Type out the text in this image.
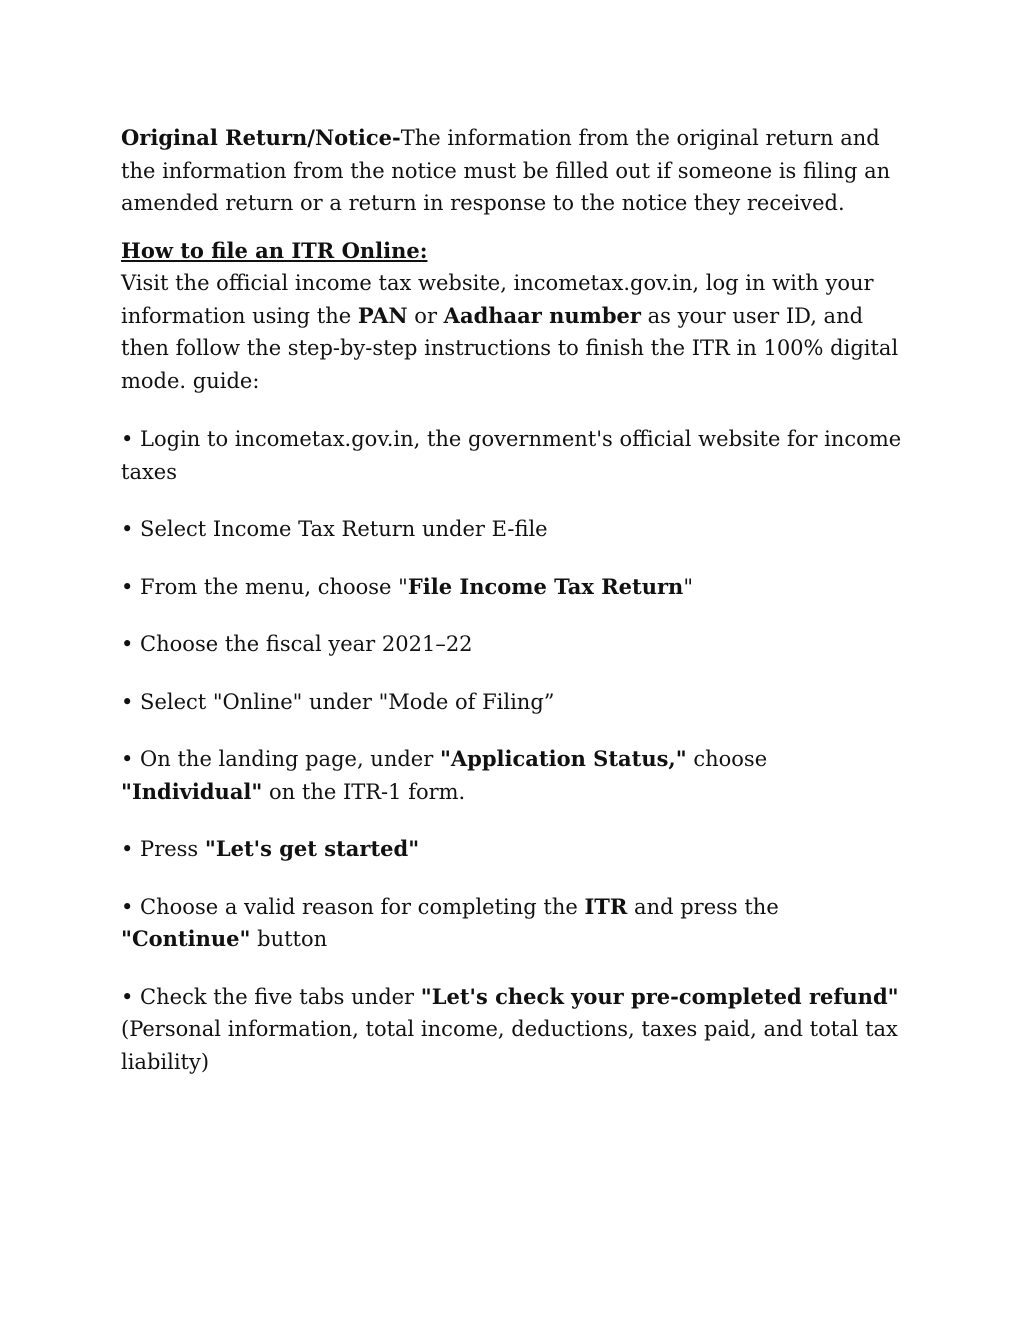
Original Return/Notice-The information from the original return and the information from the notice must be filled out if someone is filing an amended return or a return in response to the notice they received.

How to file an ITR Online:

Visit the official income tax website, incometax.gov.in, log in with your information using the PAN or Aadhaar number as your user ID, and then follow the step-by-step instructions to finish the ITR in 100% digital mode. guide:

• Login to incometax.gov.in, the government's official website for income taxes

• Select Income Tax Return under E-file

• From the menu, choose "File Income Tax Return"

• Choose the fiscal year 2021–22

• Select "Online" under "Mode of Filing”

• On the landing page, under "Application Status," choose "Individual" on the ITR-1 form.

• Press "Let's get started"

• Choose a valid reason for completing the ITR and press the "Continue" button

• Check the five tabs under "Let's check your pre-completed refund" (Personal information, total income, deductions, taxes paid, and total tax liability)
